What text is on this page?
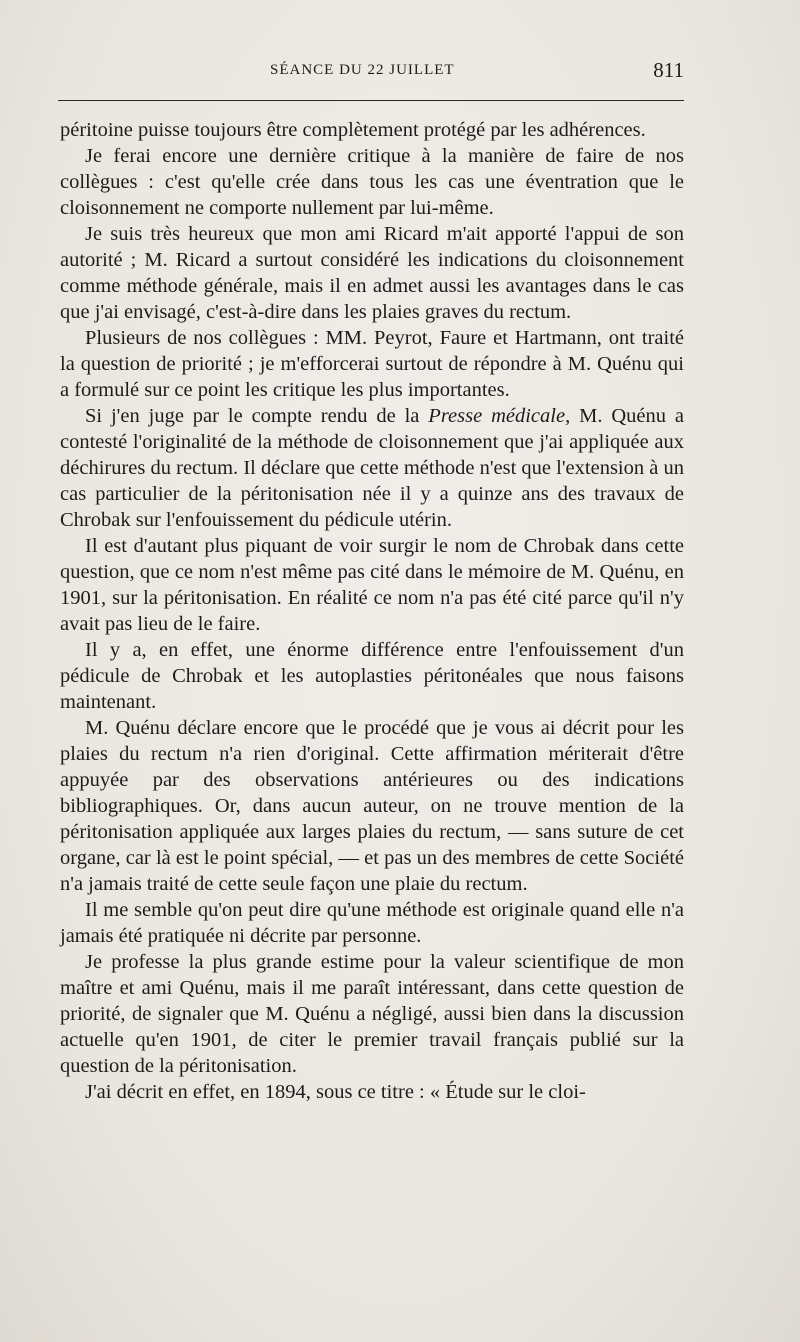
SÉANCE DU 22 JUILLET	811

péritoine puisse toujours être complètement protégé par les adhérences.

Je ferai encore une dernière critique à la manière de faire de nos collègues : c'est qu'elle crée dans tous les cas une éventration que le cloisonnement ne comporte nullement par lui-même.

Je suis très heureux que mon ami Ricard m'ait apporté l'appui de son autorité ; M. Ricard a surtout considéré les indications du cloisonnement comme méthode générale, mais il en admet aussi les avantages dans le cas que j'ai envisagé, c'est-à-dire dans les plaies graves du rectum.

Plusieurs de nos collègues : MM. Peyrot, Faure et Hartmann, ont traité la question de priorité ; je m'efforcerai surtout de répondre à M. Quénu qui a formulé sur ce point les critique les plus importantes.

Si j'en juge par le compte rendu de la Presse médicale, M. Quénu a contesté l'originalité de la méthode de cloisonnement que j'ai appliquée aux déchirures du rectum. Il déclare que cette méthode n'est que l'extension à un cas particulier de la péritonisation née il y a quinze ans des travaux de Chrobak sur l'enfouissement du pédicule utérin.

Il est d'autant plus piquant de voir surgir le nom de Chrobak dans cette question, que ce nom n'est même pas cité dans le mémoire de M. Quénu, en 1901, sur la péritonisation. En réalité ce nom n'a pas été cité parce qu'il n'y avait pas lieu de le faire.

Il y a, en effet, une énorme différence entre l'enfouissement d'un pédicule de Chrobak et les autoplasties péritonéales que nous faisons maintenant.

M. Quénu déclare encore que le procédé que je vous ai décrit pour les plaies du rectum n'a rien d'original. Cette affirmation mériterait d'être appuyée par des observations antérieures ou des indications bibliographiques. Or, dans aucun auteur, on ne trouve mention de la péritonisation appliquée aux larges plaies du rectum, — sans suture de cet organe, car là est le point spécial, — et pas un des membres de cette Société n'a jamais traité de cette seule façon une plaie du rectum.

Il me semble qu'on peut dire qu'une méthode est originale quand elle n'a jamais été pratiquée ni décrite par personne.

Je professe la plus grande estime pour la valeur scientifique de mon maître et ami Quénu, mais il me paraît intéressant, dans cette question de priorité, de signaler que M. Quénu a négligé, aussi bien dans la discussion actuelle qu'en 1901, de citer le premier travail français publié sur la question de la péritonisation.

J'ai décrit en effet, en 1894, sous ce titre : « Étude sur le cloi-
